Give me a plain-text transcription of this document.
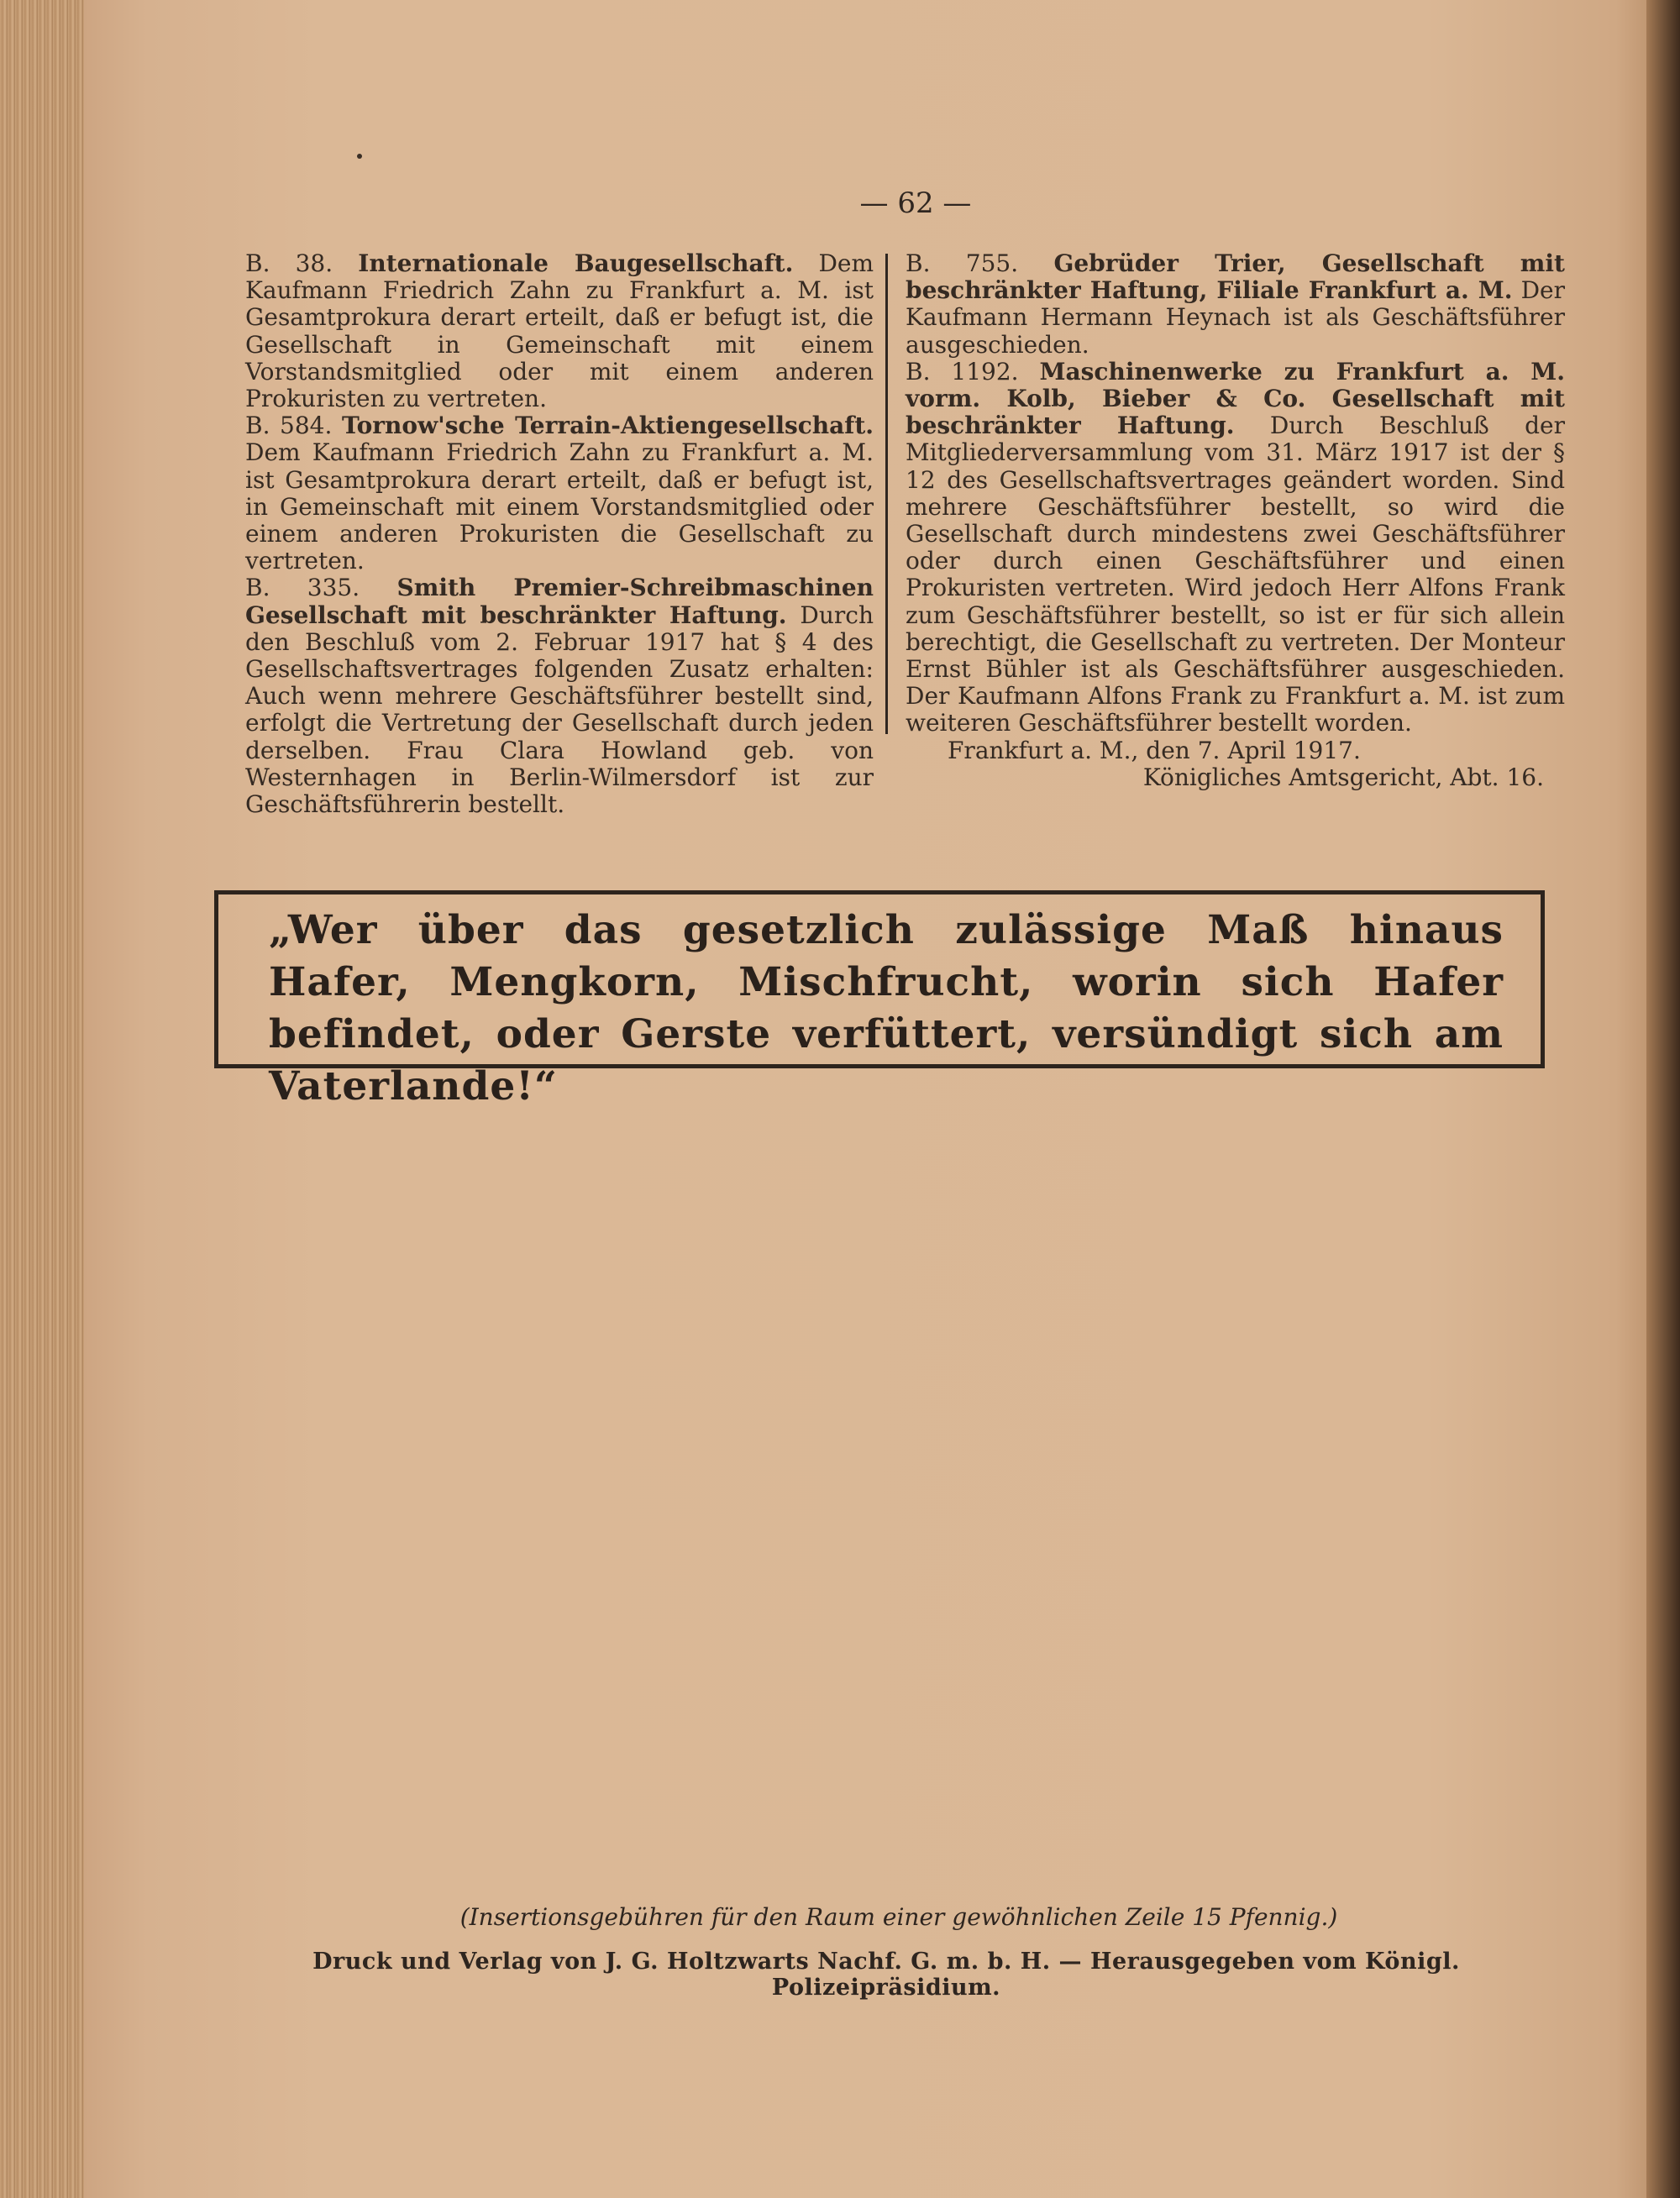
— 62 —

B. 38. Internationale Baugesellschaft. Dem Kaufmann Friedrich Zahn zu Frankfurt a. M. ist Gesamtprokura derart erteilt, daß er befugt ist, die Gesellschaft in Gemeinschaft mit einem Vorstandsmitglied oder mit einem anderen Prokuristen zu vertreten.

B. 584. Tornow'sche Terrain-Aktiengesellschaft. Dem Kaufmann Friedrich Zahn zu Frankfurt a. M. ist Gesamtprokura derart erteilt, daß er befugt ist, in Gemeinschaft mit einem Vorstandsmitglied oder einem anderen Prokuristen die Gesellschaft zu vertreten.

B. 335. Smith Premier-Schreibmaschinen Gesellschaft mit beschränkter Haftung. Durch den Beschluß vom 2. Februar 1917 hat § 4 des Gesellschaftsvertrages folgenden Zusatz erhalten: Auch wenn mehrere Geschäftsführer bestellt sind, erfolgt die Vertretung der Gesellschaft durch jeden derselben. Frau Clara Howland geb. von Westernhagen in Berlin-Wilmersdorf ist zur Geschäftsführerin bestellt.

B. 755. Gebrüder Trier, Gesellschaft mit beschränkter Haftung, Filiale Frankfurt a. M. Der Kaufmann Hermann Heynach ist als Geschäftsführer ausgeschieden.

B. 1192. Maschinenwerke zu Frankfurt a. M. vorm. Kolb, Bieber & Co. Gesellschaft mit beschränkter Haftung. Durch Beschluß der Mitgliederversammlung vom 31. März 1917 ist der § 12 des Gesellschaftsvertrages geändert worden. Sind mehrere Geschäftsführer bestellt, so wird die Gesellschaft durch mindestens zwei Geschäftsführer oder durch einen Geschäftsführer und einen Prokuristen vertreten. Wird jedoch Herr Alfons Frank zum Geschäftsführer bestellt, so ist er für sich allein berechtigt, die Gesellschaft zu vertreten. Der Monteur Ernst Bühler ist als Geschäftsführer ausgeschieden. Der Kaufmann Alfons Frank zu Frankfurt a. M. ist zum weiteren Geschäftsführer bestellt worden.

Frankfurt a. M., den 7. April 1917.

Königliches Amtsgericht, Abt. 16.

„Wer über das gesetzlich zulässige Maß hinaus Hafer, Mengkorn, Mischfrucht, worin sich Hafer befindet, oder Gerste verfüttert, versündigt sich am Vaterlande!“
(Insertionsgebühren für den Raum einer gewöhnlichen Zeile 15 Pfennig.)
Druck und Verlag von J. G. Holtzwarts Nachf. G. m. b. H. — Herausgegeben vom Königl. Polizeipräsidium.
